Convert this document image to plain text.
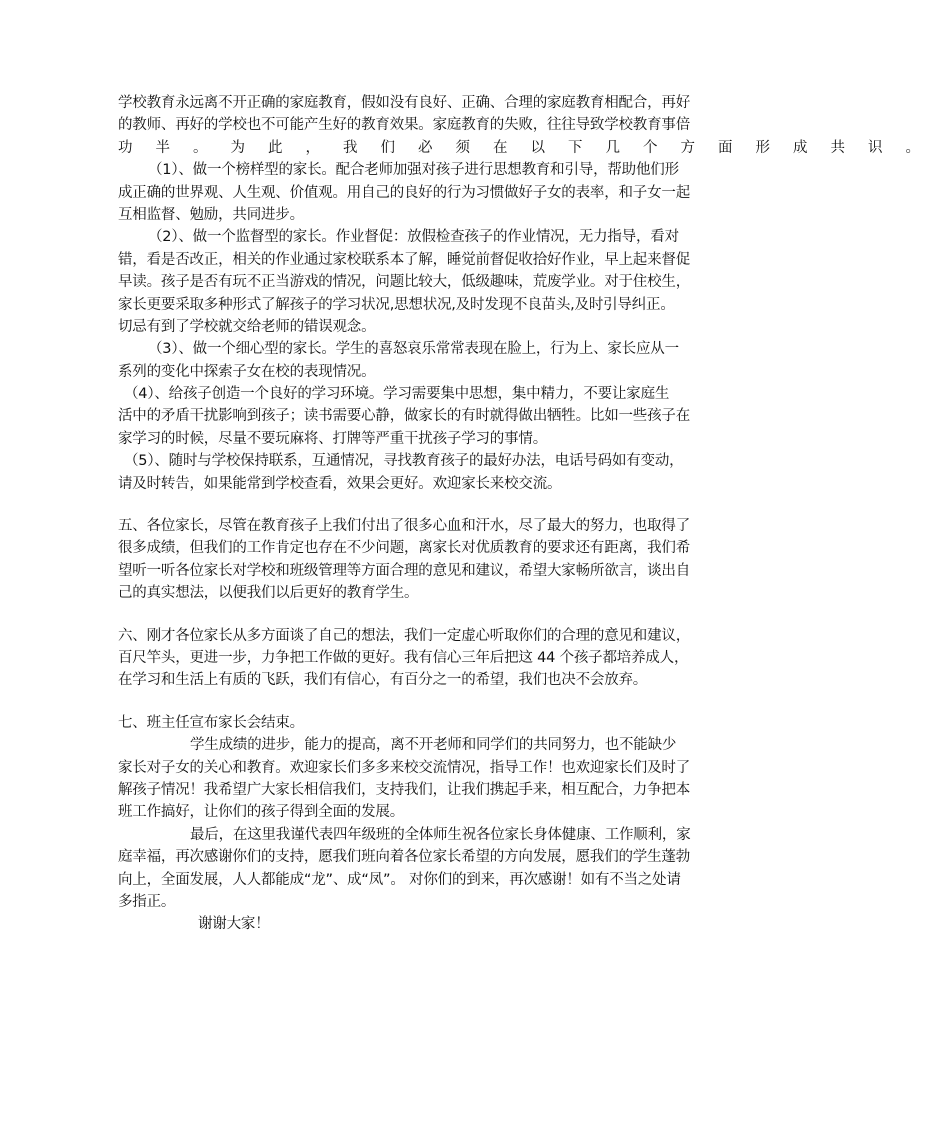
学校教育永远离不开正确的家庭教育，假如没有良好、正确、合理的家庭教育相配合，再好
的教师、再好的学校也不可能产生好的教育效果。家庭教育的失败，往往导致学校教育事倍
功半。为此，我们必须在以下几个方面形成共识。
（1）、做一个榜样型的家长。配合老师加强对孩子进行思想教育和引导，帮助他们形
成正确的世界观、人生观、价值观。用自己的良好的行为习惯做好子女的表率，和子女一起
互相监督、勉励，共同进步。
（2）、做一个监督型的家长。作业督促：放假检查孩子的作业情况，无力指导，看对
错，看是否改正，相关的作业通过家校联系本了解，睡觉前督促收拾好作业，早上起来督促
早读。孩子是否有玩不正当游戏的情况，问题比较大，低级趣味，荒废学业。对于住校生，
家长更要采取多种形式了解孩子的学习状况,思想状况,及时发现不良苗头,及时引导纠正。
切忌有到了学校就交给老师的错误观念。
（3）、做一个细心型的家长。学生的喜怒哀乐常常表现在脸上，行为上、家长应从一
系列的变化中探索子女在校的表现情况。
（4）、给孩子创造一个良好的学习环境。学习需要集中思想，集中精力，不要让家庭生
活中的矛盾干扰影响到孩子；读书需要心静，做家长的有时就得做出牺牲。比如一些孩子在
家学习的时候，尽量不要玩麻将、打牌等严重干扰孩子学习的事情。
（5）、随时与学校保持联系，互通情况，寻找教育孩子的最好办法，电话号码如有变动，
请及时转告，如果能常到学校查看，效果会更好。欢迎家长来校交流。
五、各位家长，尽管在教育孩子上我们付出了很多心血和汗水，尽了最大的努力，也取得了
很多成绩，但我们的工作肯定也存在不少问题，离家长对优质教育的要求还有距离，我们希
望听一听各位家长对学校和班级管理等方面合理的意见和建议，希望大家畅所欲言，谈出自
己的真实想法，以便我们以后更好的教育学生。
六、刚才各位家长从多方面谈了自己的想法，我们一定虚心听取你们的合理的意见和建议，
百尺竿头，更进一步，力争把工作做的更好。我有信心三年后把这 44 个孩子都培养成人，
在学习和生活上有质的飞跃，我们有信心，有百分之一的希望，我们也决不会放弃。
七、班主任宣布家长会结束。
学生成绩的进步，能力的提高，离不开老师和同学们的共同努力，也不能缺少
家长对子女的关心和教育。欢迎家长们多多来校交流情况，指导工作！也欢迎家长们及时了
解孩子情况！我希望广大家长相信我们，支持我们，让我们携起手来，相互配合，力争把本
班工作搞好，让你们的孩子得到全面的发展。
最后，在这里我谨代表四年级班的全体师生祝各位家长身体健康、工作顺利，家
庭幸福，再次感谢你们的支持，愿我们班向着各位家长希望的方向发展，愿我们的学生蓬勃
向上，全面发展，人人都能成“龙”、成“凤”。 对你们的到来，再次感谢！如有不当之处请
多指正。
谢谢大家！
